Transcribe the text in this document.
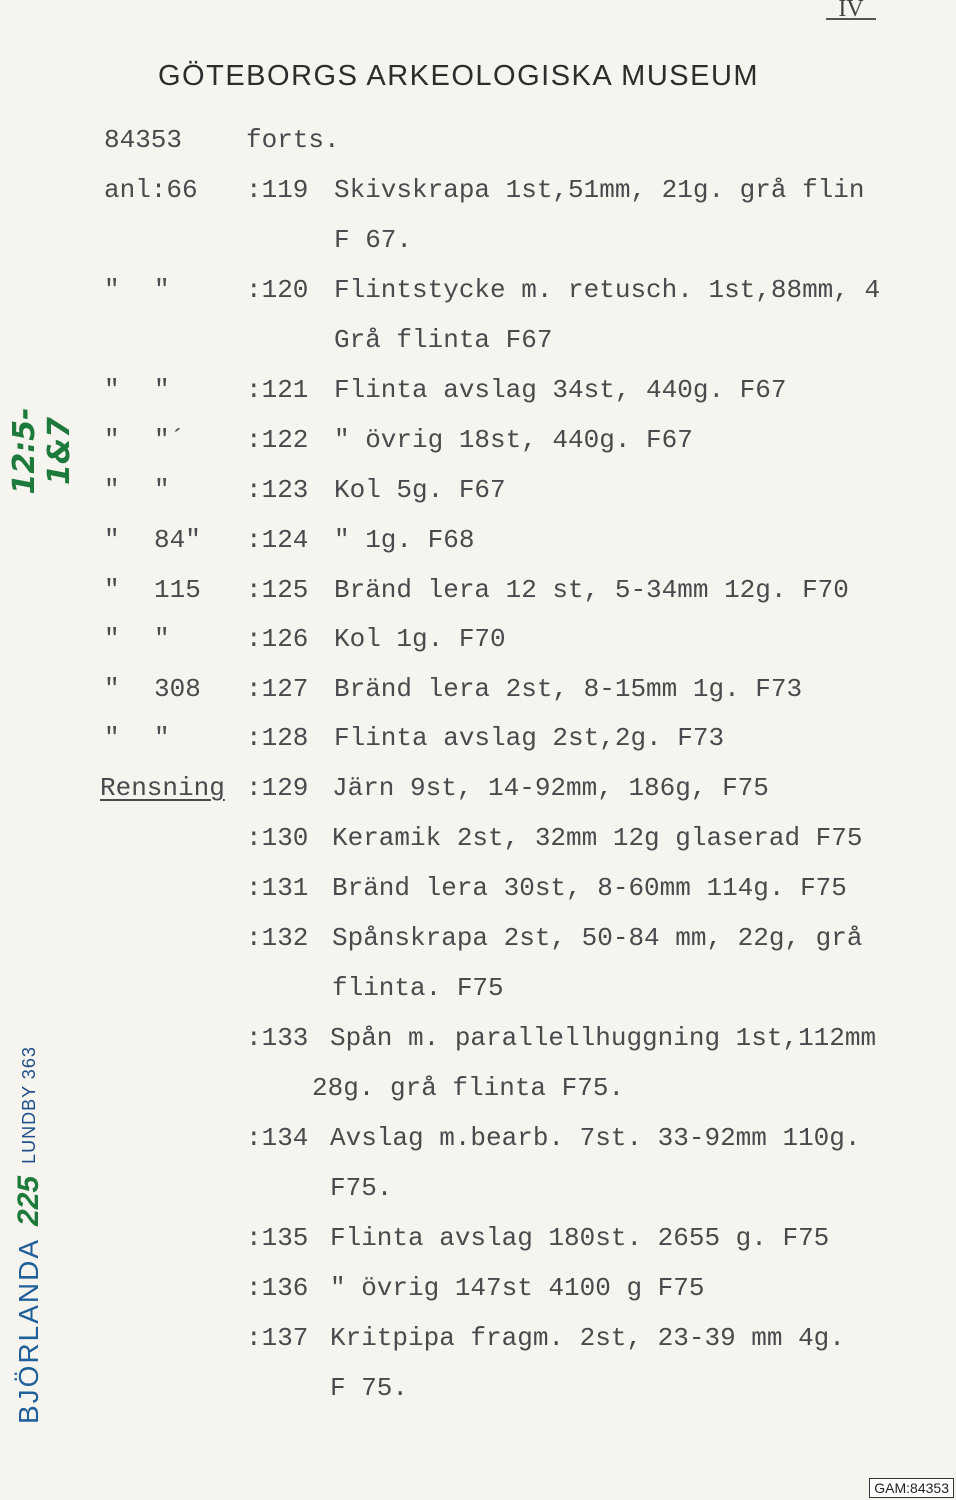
IV
GÖTEBORGS ARKEOLOGISKA MUSEUM
84353 forts.
anl:66 :119 Skivskrapa 1st,51mm, 21g. grå flin
F 67.
" "	:120 Flintstycke m. retusch. 1st,88mm, 4
Grå flinta F67
" "	:121 Flinta avslag 34st, 440g. F67
" "´ :122 " övrig 18st, 440g. F67
" "	:123 Kol 5g. F67
" 84" :124 " 1g. F68
" 115 :125 Bränd lera 12 st, 5-34mm 12g. F70
" "	:126 Kol 1g. F70
" 308 :127 Bränd lera 2st, 8-15mm 1g. F73
" "	:128 Flinta avslag 2st,2g. F73
Rensning :129 Järn 9st, 14-92mm, 186g, F75
:130 Keramik 2st, 32mm 12g glaserad F75
:131 Bränd lera 30st, 8-60mm 114g. F75
:132 Spånskrapa 2st, 50-84 mm, 22g, grå
flinta. F75
:133 Spån m. parallellhuggning 1st,112mm
28g. grå flinta F75.
:134 Avslag m.bearb. 7st. 33-92mm 110g.
F75.
:135 Flinta avslag 180st. 2655 g. F75
:136 " övrig 147st 4100 g F75
:137 Kritpipa fragm. 2st, 23-39 mm 4g.
F 75.
12:5-1&7
BJÖRLANDA
225
LUNDBY 363
GAM:84353
